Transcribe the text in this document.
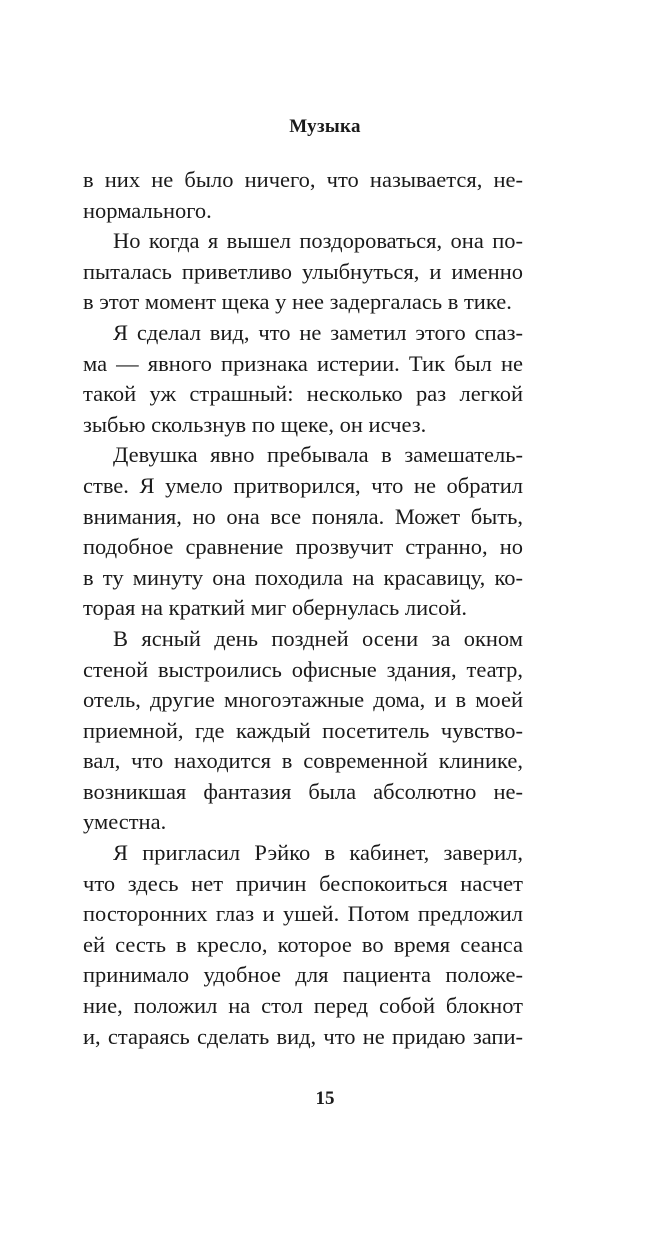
Музыка
в них не было ничего, что называется, не-
нормального.
Но когда я вышел поздороваться, она по-
пыталась приветливо улыбнуться, и именно
в этот момент щека у нее задергалась в тике.
Я сделал вид, что не заметил этого спаз-
ма — явного признака истерии. Тик был не
такой уж страшный: несколько раз легкой
зыбью скользнув по щеке, он исчез.
Девушка явно пребывала в замешатель-
стве. Я умело притворился, что не обратил
внимания, но она все поняла. Может быть,
подобное сравнение прозвучит странно, но
в ту минуту она походила на красавицу, ко-
торая на краткий миг обернулась лисой.
В ясный день поздней осени за окном
стеной выстроились офисные здания, театр,
отель, другие многоэтажные дома, и в моей
приемной, где каждый посетитель чувство-
вал, что находится в современной клинике,
возникшая фантазия была абсолютно не-
уместна.
Я пригласил Рэйко в кабинет, заверил,
что здесь нет причин беспокоиться насчет
посторонних глаз и ушей. Потом предложил
ей сесть в кресло, которое во время сеанса
принимало удобное для пациента положе-
ние, положил на стол перед собой блокнот
и, стараясь сделать вид, что не придаю запи-
15
